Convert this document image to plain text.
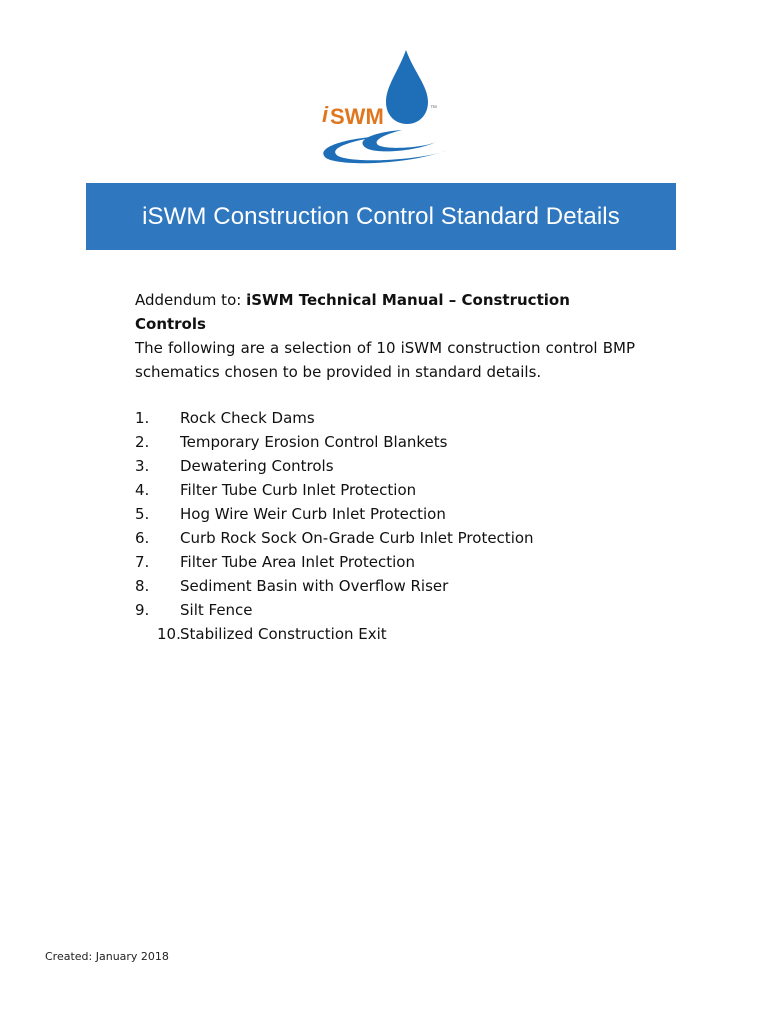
i SWM	™
iSWM Construction Control Standard Details
Addendum to: iSWM Technical Manual – Construction Controls
The following are a selection of 10 iSWM construction control BMP schematics chosen to be provided in standard details.
1.	Rock Check Dams
2.	Temporary Erosion Control Blankets
3.	Dewatering Controls
4.	Filter Tube Curb Inlet Protection
5.	Hog Wire Weir Curb Inlet Protection
6.	Curb Rock Sock On-Grade Curb Inlet Protection
7.	Filter Tube Area Inlet Protection
8.	Sediment Basin with Overflow Riser
9.	Silt Fence
10. Stabilized Construction Exit
Created: January 2018
